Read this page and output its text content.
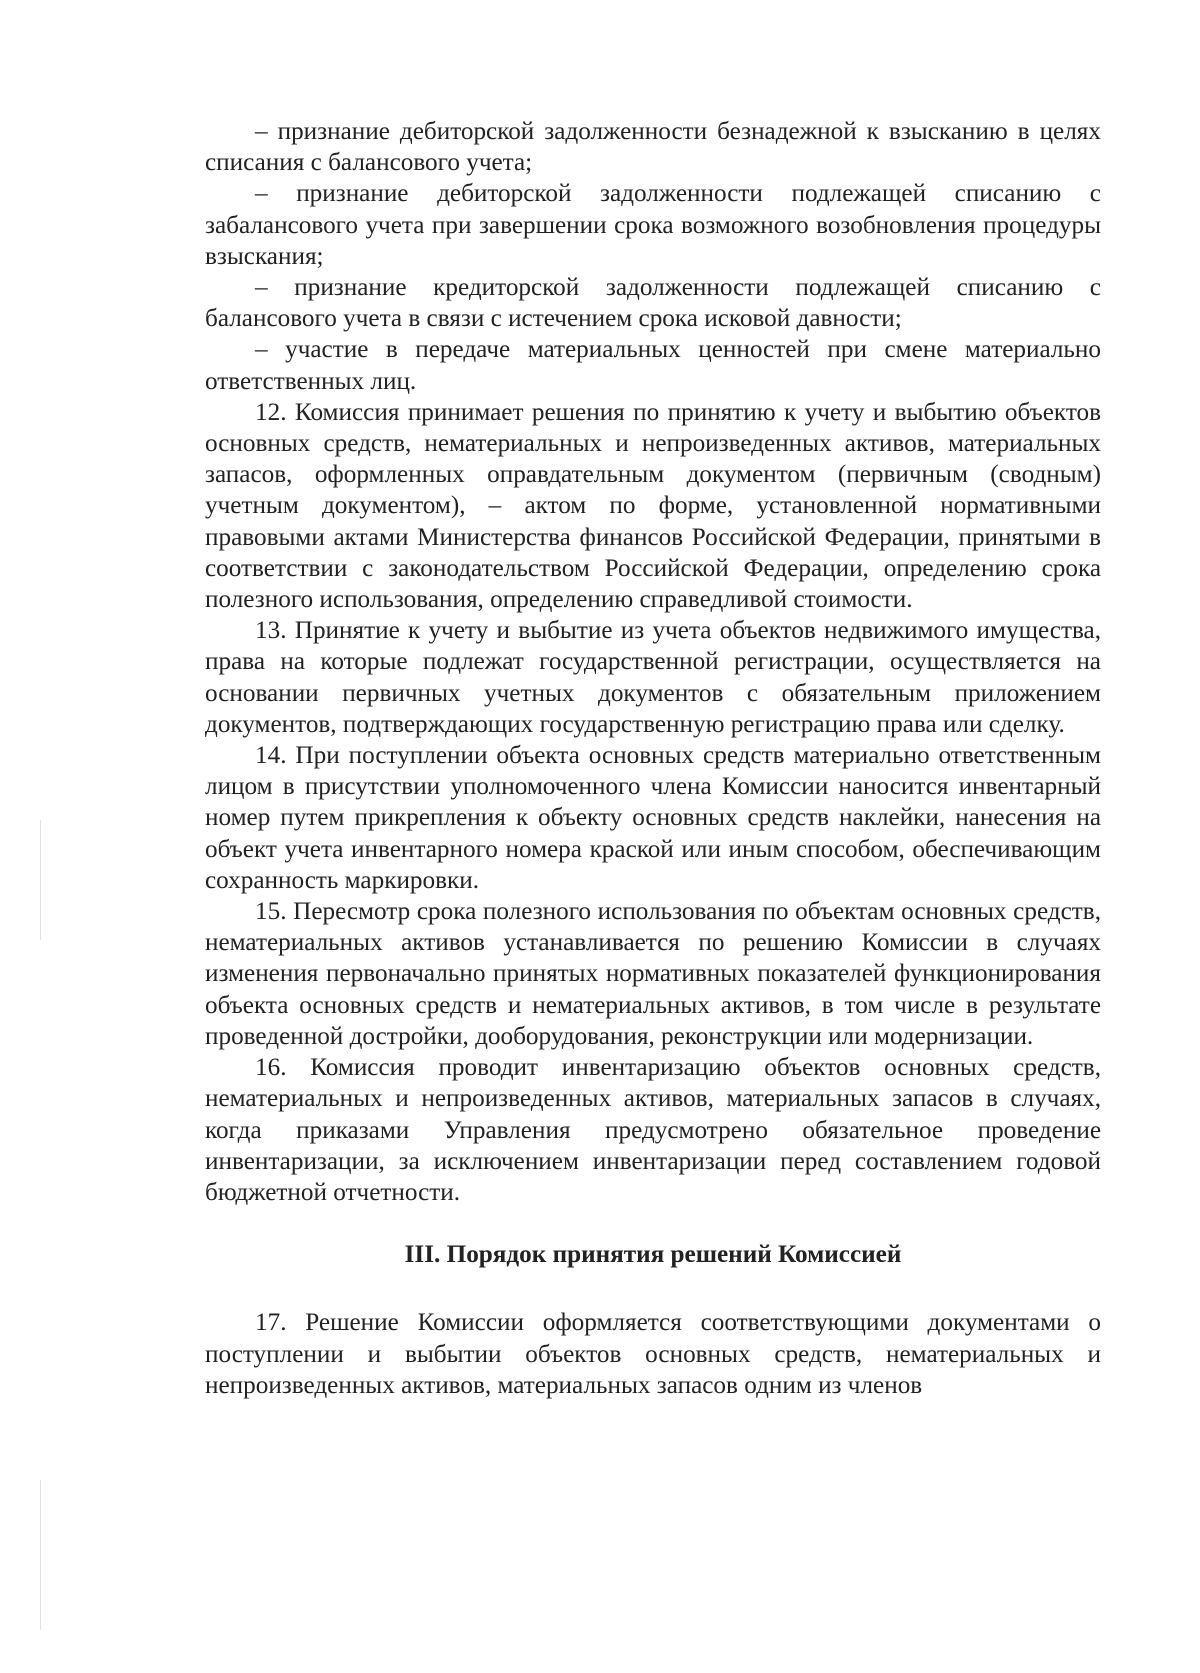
– признание дебиторской задолженности безнадежной к взысканию в целях списания с балансового учета;

– признание дебиторской задолженности подлежащей списанию с забалансового учета при завершении срока возможного возобновления процедуры взыскания;

– признание кредиторской задолженности подлежащей списанию с балансового учета в связи с истечением срока исковой давности;

– участие в передаче материальных ценностей при смене материально ответственных лиц.

12. Комиссия принимает решения по принятию к учету и выбытию объектов основных средств, нематериальных и непроизведенных активов, материальных запасов, оформленных оправдательным документом (первичным (сводным) учетным документом), – актом по форме, установленной нормативными правовыми актами Министерства финансов Российской Федерации, принятыми в соответствии с законодательством Российской Федерации, определению срока полезного использования, определению справедливой стоимости.

13. Принятие к учету и выбытие из учета объектов недвижимого имущества, права на которые подлежат государственной регистрации, осуществляется на основании первичных учетных документов с обязательным приложением документов, подтверждающих государственную регистрацию права или сделку.

14. При поступлении объекта основных средств материально ответственным лицом в присутствии уполномоченного члена Комиссии наносится инвентарный номер путем прикрепления к объекту основных средств наклейки, нанесения на объект учета инвентарного номера краской или иным способом, обеспечивающим сохранность маркировки.

15. Пересмотр срока полезного использования по объектам основных средств, нематериальных активов устанавливается по решению Комиссии в случаях изменения первоначально принятых нормативных показателей функционирования объекта основных средств и нематериальных активов, в том числе в результате проведенной достройки, дооборудования, реконструкции или модернизации.

16. Комиссия проводит инвентаризацию объектов основных средств, нематериальных и непроизведенных активов, материальных запасов в случаях, когда приказами Управления предусмотрено обязательное проведение инвентаризации, за исключением инвентаризации перед составлением годовой бюджетной отчетности.

III. Порядок принятия решений Комиссией

17. Решение Комиссии оформляется соответствующими документами о поступлении и выбытии объектов основных средств, нематериальных и непроизведенных активов, материальных запасов одним из членов
